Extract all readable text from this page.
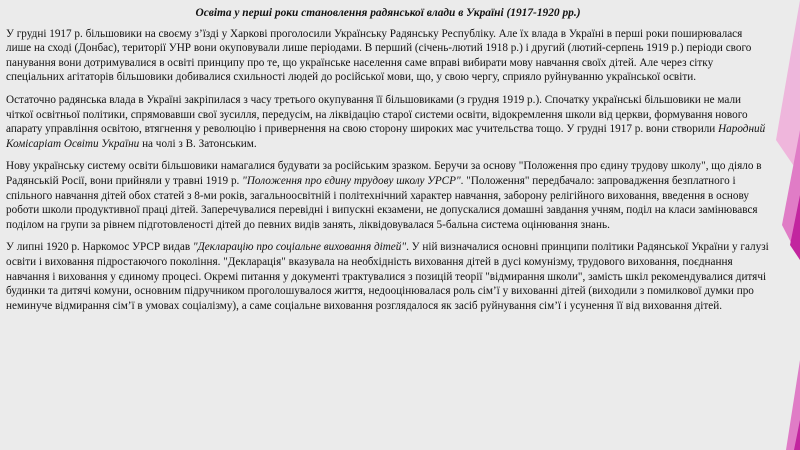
Освіта у перші роки становлення радянської влади в Україні (1917-1920 рр.)

У грудні 1917 р. більшовики на своєму з’їзді у Харкові проголосили Українську Радянську Республіку. Але їх влада в Україні в перші роки поширювалася лише на сході (Донбас), території УНР вони окуповували лише періодами. В перший (січень-лютий 1918 р.) і другий (лютий-серпень 1919 р.) періоди свого панування вони дотримувалися в освіті принципу про те, що українське населення саме вправі вибирати мову навчання своїх дітей. Але через сітку спеціальних агітаторів більшовики добивалися схильності людей до російської мови, що, у свою чергу, сприяло руйнуванню української освіти.

Остаточно радянська влада в Україні закріпилася з часу третього окупування її більшовиками (з грудня 1919 р.). Спочатку українські більшовики не мали чіткої освітньої політики, спрямовавши свої зусилля, передусім, на ліквідацію старої системи освіти, відокремлення школи від церкви, формування нового апарату управління освітою, втягнення у революцію і привернення на свою сторону широких мас учительства тощо. У грудні 1917 р. вони створили Народний Комісаріат Освіти України на чолі з В. Затонським.

Нову українську систему освіти більшовики намагалися будувати за російським зразком. Беручи за основу "Положення про єдину трудову школу", що діяло в Радянській Росії, вони прийняли у травні 1919 р. "Положення про єдину трудову школу УРСР". "Положення" передбачало: запровадження безплатного і спільного навчання дітей обох статей з 8-ми років, загальноосвітній і політехнічний характер навчання, заборону релігійного виховання, введення в основу роботи школи продуктивної праці дітей. Заперечувалися перевідні і випускні екзамени, не допускалися домашні завдання учням, поділ на класи замінювався поділом на групи за рівнем підготовленості дітей до певних видів занять, ліквідовувалася 5-бальна система оцінювання знань.

У липні 1920 р. Наркомос УРСР видав "Декларацію про соціальне виховання дітей". У ній визначалися основні принципи політики Радянської України у галузі освіти і виховання підростаючого покоління. "Декларація" вказувала на необхідність виховання дітей в дусі комунізму, трудового виховання, поєднання навчання і виховання у єдиному процесі. Окремі питання у документі трактувалися з позицій теорії "відмирання школи", замість шкіл рекомендувалися дитячі будинки та дитячі комуни, основним підручником проголошувалося життя, недооцінювалася роль сім’ї у вихованні дітей (виходили з помилкової думки про неминуче відмирання сім’ї в умовах соціалізму), а саме соціальне виховання розглядалося як засіб руйнування сім’ї і усунення її від виховання дітей.
